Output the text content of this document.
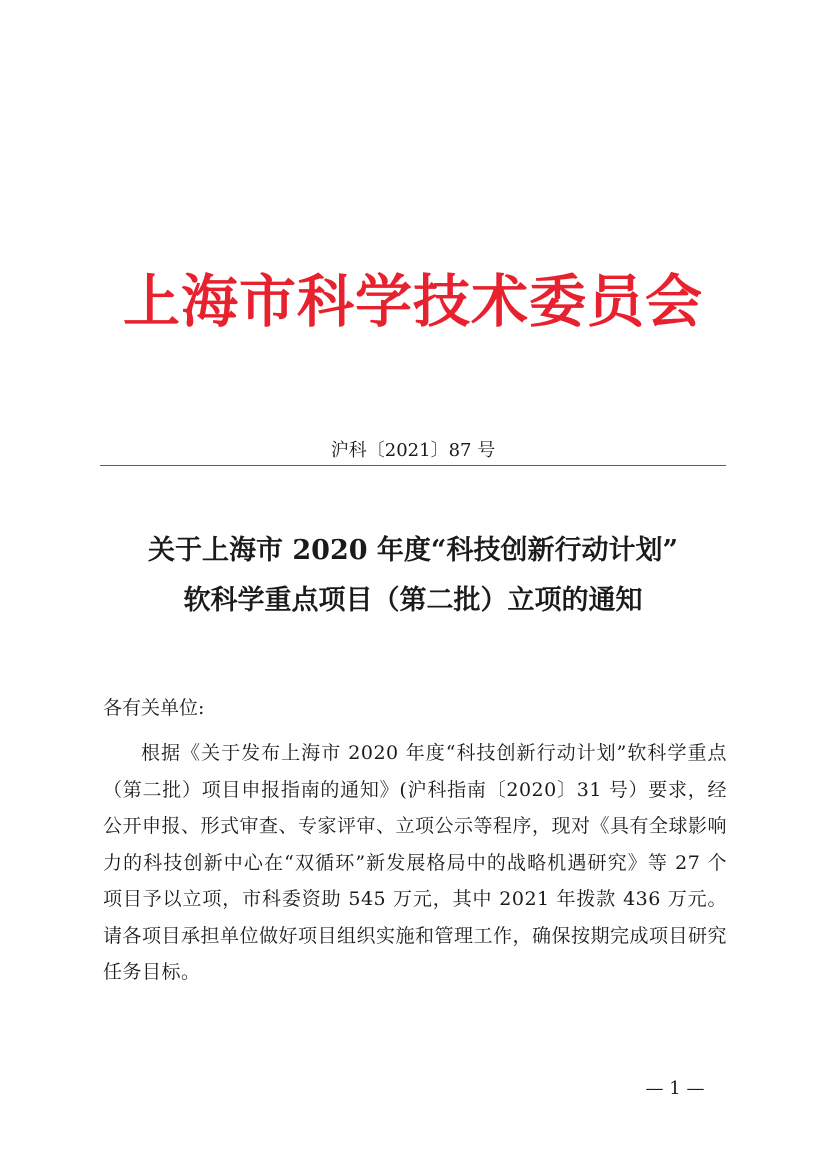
上海市科学技术委员会
沪科〔2021〕87 号
关于上海市 2020 年度“科技创新行动计划”
软科学重点项目（第二批）立项的通知
各有关单位:
根据《关于发布上海市 2020 年度“科技创新行动计划”软科学重点（第二批）项目申报指南的通知》(沪科指南〔2020〕31 号）要求，经公开申报、形式审查、专家评审、立项公示等程序，现对《具有全球影响力的科技创新中心在“双循环”新发展格局中的战略机遇研究》等 27 个项目予以立项，市科委资助 545 万元，其中 2021 年拨款 436 万元。请各项目承担单位做好项目组织实施和管理工作，确保按期完成项目研究任务目标。
— 1 —
